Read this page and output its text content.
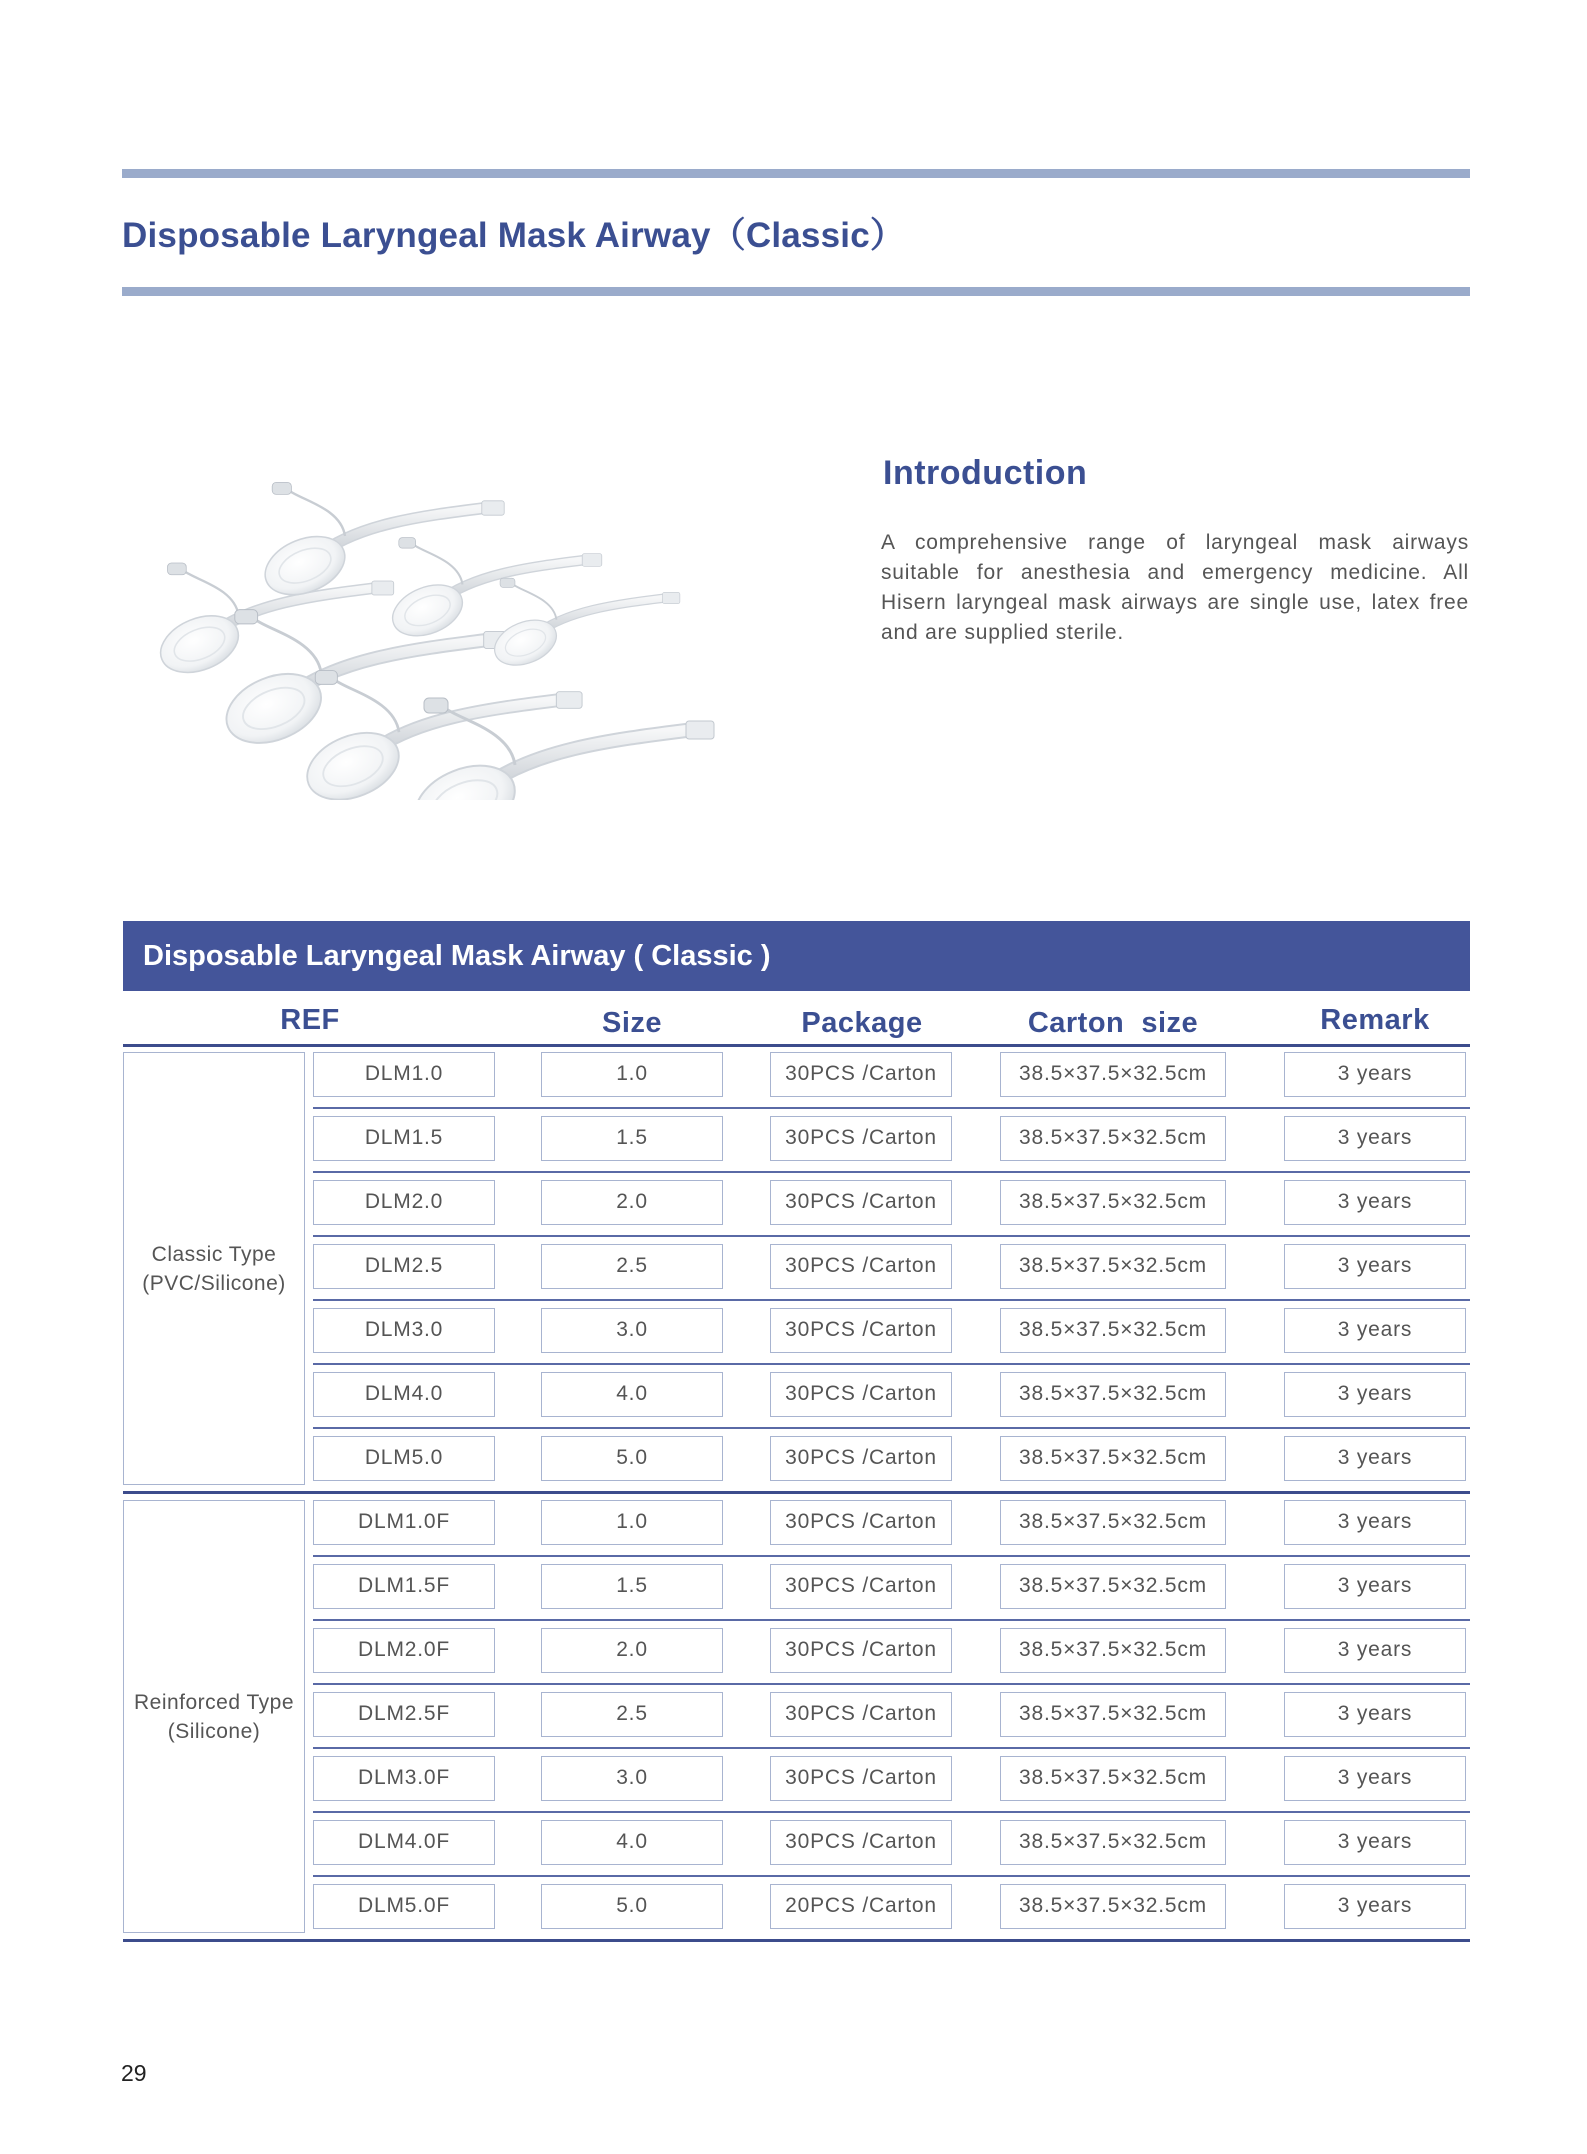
Disposable Laryngeal Mask Airway（Classic）
Introduction

A comprehensive range of laryngeal mask airways suitable for anesthesia and emergency medicine. All Hisern laryngeal mask airways are single use, latex free and are supplied sterile.

Disposable Laryngeal Mask Airway ( Classic )
REF	Size	Package	Carton  size	Remark
Classic Type
(PVC/Silicone)
DLM1.0	1.0	30PCS /Carton	38.5×37.5×32.5cm	3 years
DLM1.5	1.5	30PCS /Carton	38.5×37.5×32.5cm	3 years
DLM2.0	2.0	30PCS /Carton	38.5×37.5×32.5cm	3 years
DLM2.5	2.5	30PCS /Carton	38.5×37.5×32.5cm	3 years
DLM3.0	3.0	30PCS /Carton	38.5×37.5×32.5cm	3 years
DLM4.0	4.0	30PCS /Carton	38.5×37.5×32.5cm	3 years
DLM5.0	5.0	30PCS /Carton	38.5×37.5×32.5cm	3 years
Reinforced Type
(Silicone)
DLM1.0F	1.0	30PCS /Carton	38.5×37.5×32.5cm	3 years
DLM1.5F	1.5	30PCS /Carton	38.5×37.5×32.5cm	3 years
DLM2.0F	2.0	30PCS /Carton	38.5×37.5×32.5cm	3 years
DLM2.5F	2.5	30PCS /Carton	38.5×37.5×32.5cm	3 years
DLM3.0F	3.0	30PCS /Carton	38.5×37.5×32.5cm	3 years
DLM4.0F	4.0	30PCS /Carton	38.5×37.5×32.5cm	3 years
DLM5.0F	5.0	20PCS /Carton	38.5×37.5×32.5cm	3 years
29
